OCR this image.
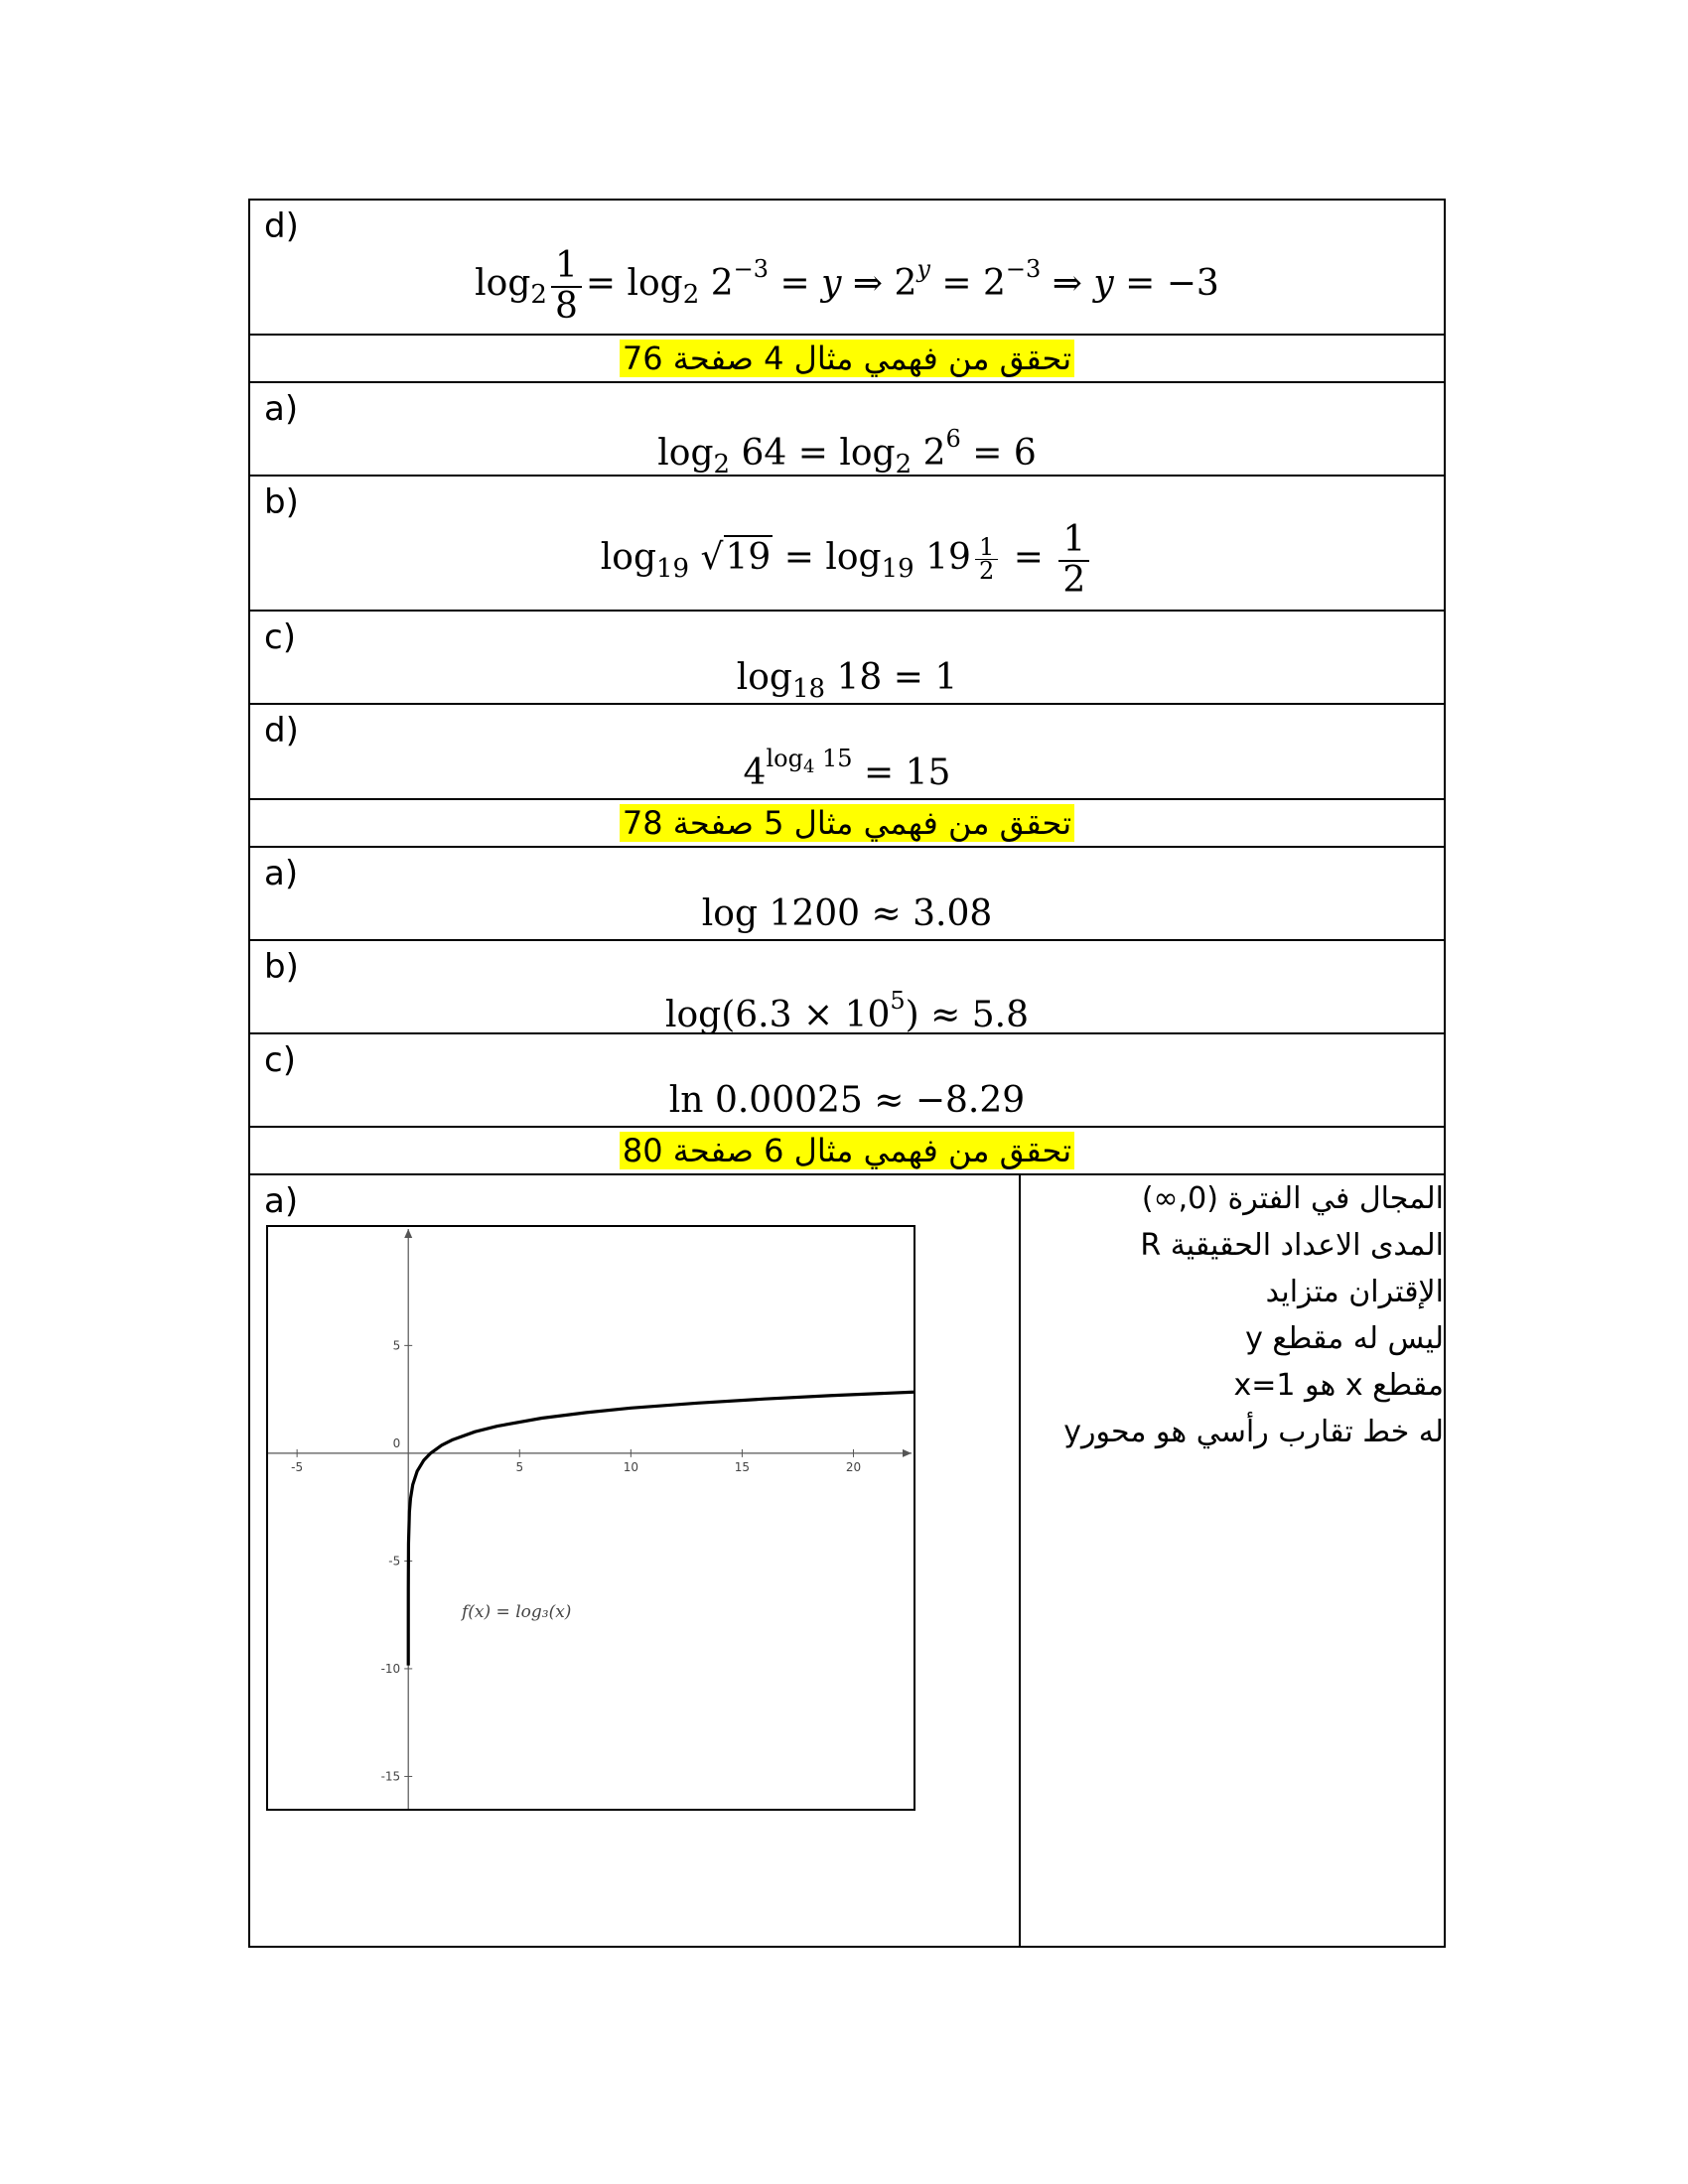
d)
$\log_2 \frac{1}{8} = \log_2 2^{-3} = y$ ⇒ $2^y = 2^{-3}$ ⇒ y = −3

تحقق من فهمي مثال 4 صفحة 76

a)
$\log_2 64 = \log_2 2^6 = 6$

b)
$\log_{19} √19 = \log_{19} 19 \frac{1}{2} = \frac{1}{2}$

c)
$\log_{18} 18 = 1$

d)
$4^{log_4 15} = 15$

تحقق من فهمي مثال 5 صفحة 78

a)
log 1200 ≈ 3.08

b)
$\log(6.3 \times 10^5) \approx 5.8$

c)
ln 0.00025 ≈ −8.29

تحقق من فهمي مثال 6 صفحة 80

a)
-5	5	10	15	20
5
0
-5
-10
-15
f(x) = log₃(x)

المجال في الفترة (0,∞)
المدى الاعداد الحقيقية R
الإقتران متزايد
ليس له مقطع y
مقطع x هو x=1
له خط تقارب رأسي هو محورy
